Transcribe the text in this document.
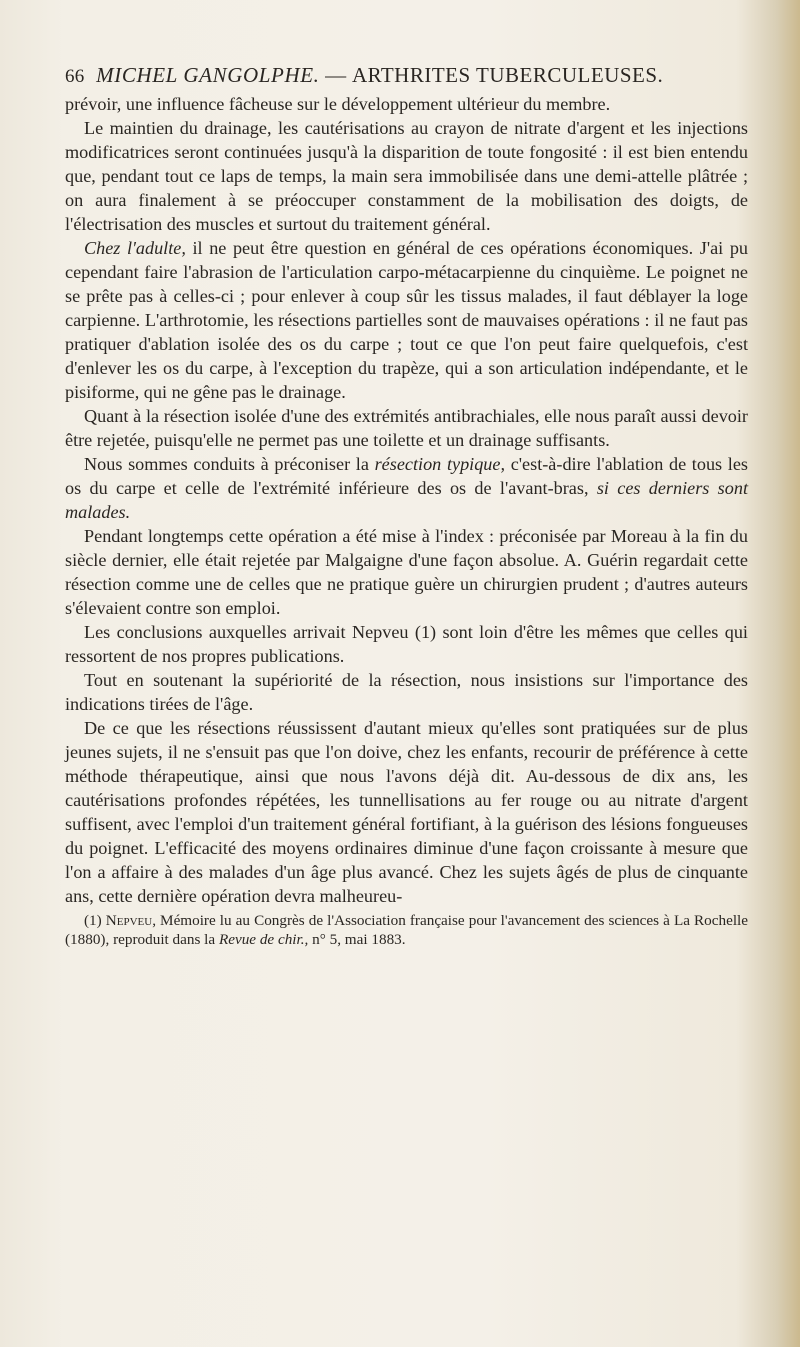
66 MICHEL GANGOLPHE. — ARTHRITES TUBERCULEUSES.

prévoir, une influence fâcheuse sur le développement ultérieur du membre.

Le maintien du drainage, les cautérisations au crayon de nitrate d'argent et les injections modificatrices seront continuées jusqu'à la disparition de toute fongosité : il est bien entendu que, pendant tout ce laps de temps, la main sera immobilisée dans une demi-attelle plâtrée ; on aura finalement à se préoccuper constamment de la mobilisation des doigts, de l'électrisation des muscles et surtout du traitement général.

Chez l'adulte, il ne peut être question en général de ces opérations économiques. J'ai pu cependant faire l'abrasion de l'articulation carpo-métacarpienne du cinquième. Le poignet ne se prête pas à celles-ci ; pour enlever à coup sûr les tissus malades, il faut déblayer la loge carpienne. L'arthrotomie, les résections partielles sont de mauvaises opérations : il ne faut pas pratiquer d'ablation isolée des os du carpe ; tout ce que l'on peut faire quelquefois, c'est d'enlever les os du carpe, à l'exception du trapèze, qui a son articulation indépendante, et le pisiforme, qui ne gêne pas le drainage.

Quant à la résection isolée d'une des extrémités antibrachiales, elle nous paraît aussi devoir être rejetée, puisqu'elle ne permet pas une toilette et un drainage suffisants.

Nous sommes conduits à préconiser la résection typique, c'est-à-dire l'ablation de tous les os du carpe et celle de l'extrémité inférieure des os de l'avant-bras, si ces derniers sont malades.

Pendant longtemps cette opération a été mise à l'index : préconisée par Moreau à la fin du siècle dernier, elle était rejetée par Malgaigne d'une façon absolue. A. Guérin regardait cette résection comme une de celles que ne pratique guère un chirurgien prudent ; d'autres auteurs s'élevaient contre son emploi.

Les conclusions auxquelles arrivait Nepveu (1) sont loin d'être les mêmes que celles qui ressortent de nos propres publications.

Tout en soutenant la supériorité de la résection, nous insistions sur l'importance des indications tirées de l'âge.

De ce que les résections réussissent d'autant mieux qu'elles sont pratiquées sur de plus jeunes sujets, il ne s'ensuit pas que l'on doive, chez les enfants, recourir de préférence à cette méthode thérapeutique, ainsi que nous l'avons déjà dit. Au-dessous de dix ans, les cautérisations profondes répétées, les tunnellisations au fer rouge ou au nitrate d'argent suffisent, avec l'emploi d'un traitement général fortifiant, à la guérison des lésions fongueuses du poignet. L'efficacité des moyens ordinaires diminue d'une façon croissante à mesure que l'on a affaire à des malades d'un âge plus avancé. Chez les sujets âgés de plus de cinquante ans, cette dernière opération devra malheureu-

(1) Nepveu, Mémoire lu au Congrès de l'Association française pour l'avancement des sciences à La Rochelle (1880), reproduit dans la Revue de chir., n° 5, mai 1883.
